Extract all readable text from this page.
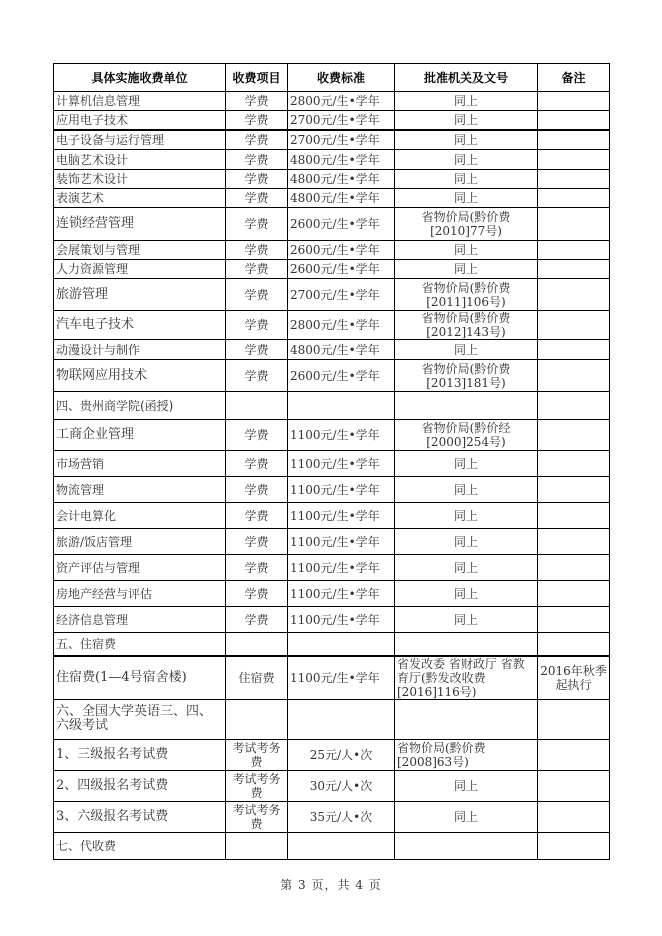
具体实施收费单位	收费项目	收费标准	批准机关及文号	备注
计算机信息管理	学费	2800元/生•学年	同上	
应用电子技术	学费	2700元/生•学年	同上	
电子设备与运行管理	学费	2700元/生•学年	同上	
电脑艺术设计	学费	4800元/生•学年	同上	
装饰艺术设计	学费	4800元/生•学年	同上	
表演艺术	学费	4800元/生•学年	同上	
连锁经营管理	学费	2600元/生•学年	省物价局(黔价费[2010]77号)	
会展策划与管理	学费	2600元/生•学年	同上	
人力资源管理	学费	2600元/生•学年	同上	
旅游管理	学费	2700元/生•学年	省物价局(黔价费[2011]106号)	
汽车电子技术	学费	2800元/生•学年	省物价局(黔价费[2012]143号)	
动漫设计与制作	学费	4800元/生•学年	同上	
物联网应用技术	学费	2600元/生•学年	省物价局(黔价费[2013]181号)	
四、贵州商学院(函授)				
工商企业管理	学费	1100元/生•学年	省物价局(黔价经[2000]254号)	
市场营销	学费	1100元/生•学年	同上	
物流管理	学费	1100元/生•学年	同上	
会计电算化	学费	1100元/生•学年	同上	
旅游/饭店管理	学费	1100元/生•学年	同上	
资产评估与管理	学费	1100元/生•学年	同上	
房地产经营与评估	学费	1100元/生•学年	同上	
经济信息管理	学费	1100元/生•学年	同上	
五、住宿费				
住宿费(1—4号宿舍楼)	住宿费	1100元/生•学年	省发改委 省财政厅 省教育厅(黔发改收费[2016]116号)	2016年秋季起执行
六、全国大学英语三、四、六级考试				
1、三级报名考试费	考试考务费	25元/人•次	省物价局(黔价费[2008]63号)	
2、四级报名考试费	考试考务费	30元/人•次	同上	
3、六级报名考试费	考试考务费	35元/人•次	同上	
七、代收费				
第 3 页，共 4 页
